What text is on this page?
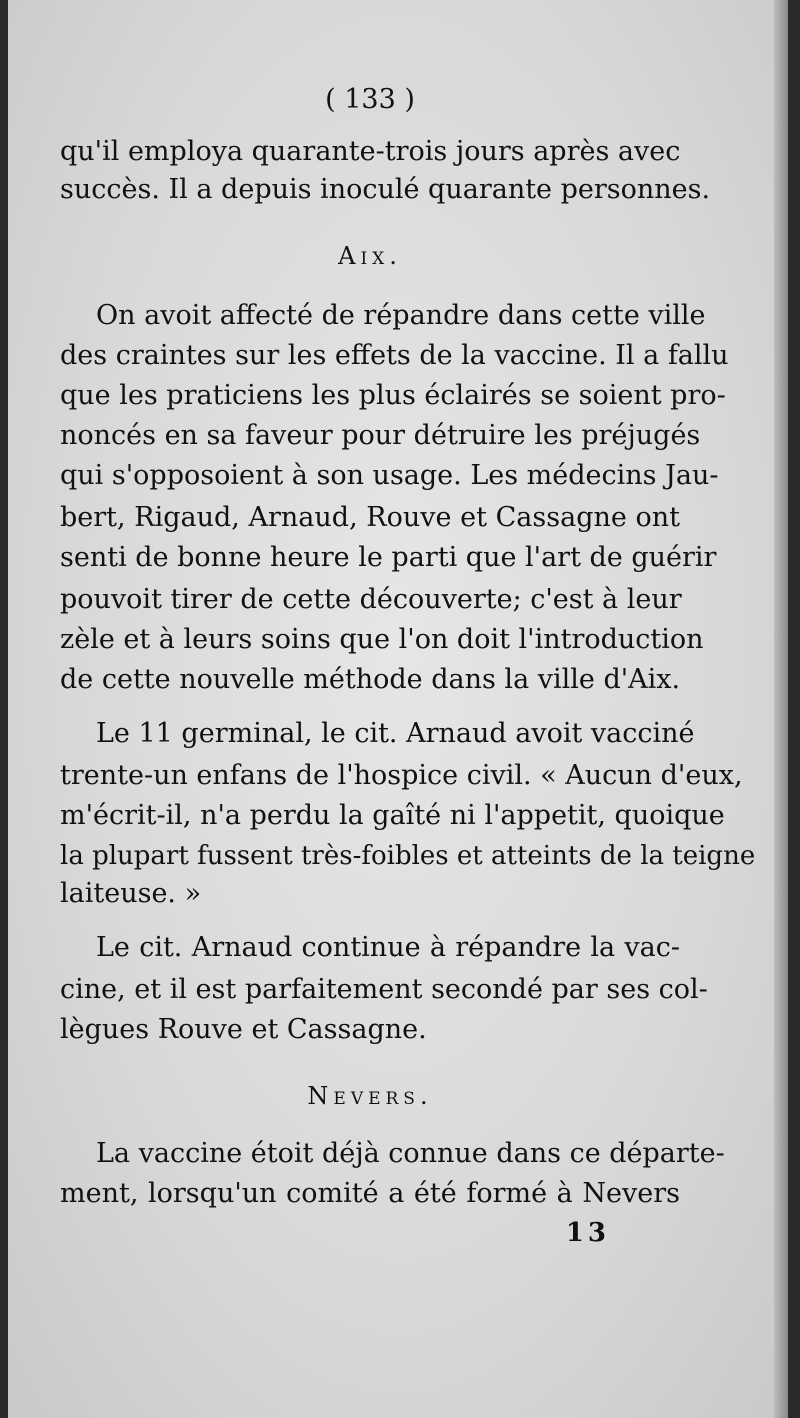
( 133 )
qu'il employa quarante-trois jours après avec
succès. Il a depuis inoculé quarante personnes.
Aix.
On avoit affecté de répandre dans cette ville
des craintes sur les effets de la vaccine. Il a fallu
que les praticiens les plus éclairés se soient pro-
noncés en sa faveur pour détruire les préjugés
qui s'opposoient à son usage. Les médecins Jau-
bert, Rigaud, Arnaud, Rouve et Cassagne ont
senti de bonne heure le parti que l'art de guérir
pouvoit tirer de cette découverte; c'est à leur
zèle et à leurs soins que l'on doit l'introduction
de cette nouvelle méthode dans la ville d'Aix.
Le 11 germinal, le cit. Arnaud avoit vacciné
trente-un enfans de l'hospice civil. « Aucun d'eux,
m'écrit-il, n'a perdu la gaîté ni l'appetit, quoique
la plupart fussent très-foibles et atteints de la teigne
laiteuse. »
Le cit. Arnaud continue à répandre la vac-
cine, et il est parfaitement secondé par ses col-
lègues Rouve et Cassagne.
Nevers.
La vaccine étoit déjà connue dans ce départe-
ment, lorsqu'un comité a été formé à Nevers
13
